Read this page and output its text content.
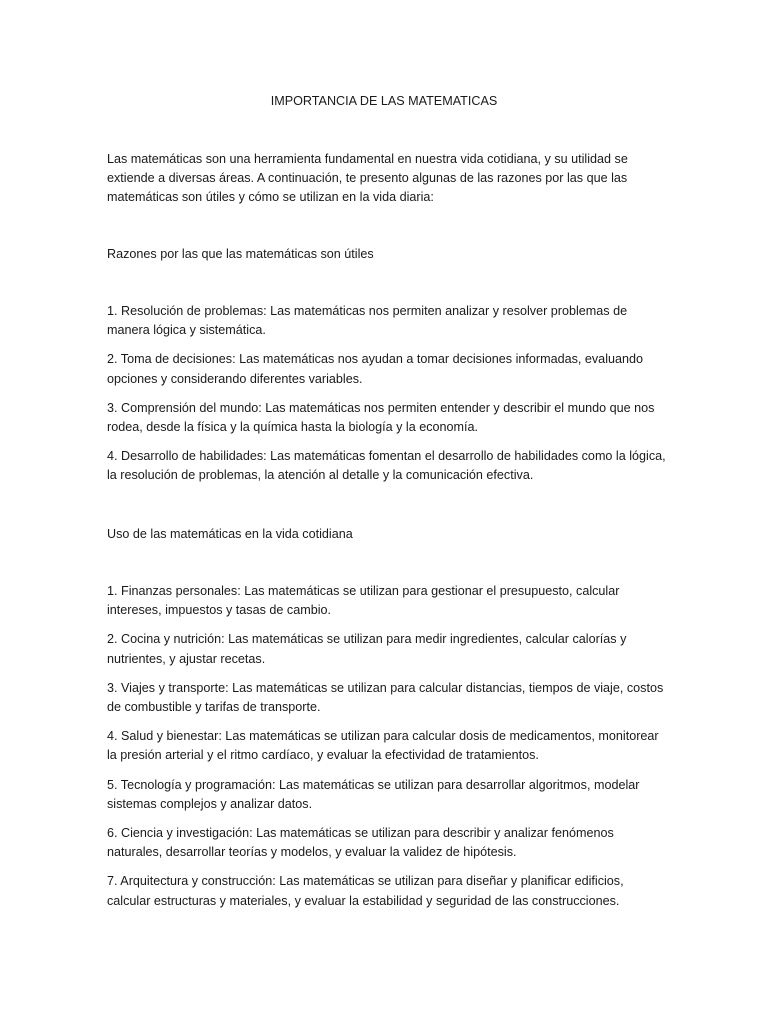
IMPORTANCIA DE LAS MATEMATICAS

Las matemáticas son una herramienta fundamental en nuestra vida cotidiana, y su utilidad se extiende a diversas áreas. A continuación, te presento algunas de las razones por las que las matemáticas son útiles y cómo se utilizan en la vida diaria:

Razones por las que las matemáticas son útiles

1. Resolución de problemas: Las matemáticas nos permiten analizar y resolver problemas de manera lógica y sistemática.
2. Toma de decisiones: Las matemáticas nos ayudan a tomar decisiones informadas, evaluando opciones y considerando diferentes variables.
3. Comprensión del mundo: Las matemáticas nos permiten entender y describir el mundo que nos rodea, desde la física y la química hasta la biología y la economía.
4. Desarrollo de habilidades: Las matemáticas fomentan el desarrollo de habilidades como la lógica, la resolución de problemas, la atención al detalle y la comunicación efectiva.

Uso de las matemáticas en la vida cotidiana

1. Finanzas personales: Las matemáticas se utilizan para gestionar el presupuesto, calcular intereses, impuestos y tasas de cambio.
2. Cocina y nutrición: Las matemáticas se utilizan para medir ingredientes, calcular calorías y nutrientes, y ajustar recetas.
3. Viajes y transporte: Las matemáticas se utilizan para calcular distancias, tiempos de viaje, costos de combustible y tarifas de transporte.
4. Salud y bienestar: Las matemáticas se utilizan para calcular dosis de medicamentos, monitorear la presión arterial y el ritmo cardíaco, y evaluar la efectividad de tratamientos.
5. Tecnología y programación: Las matemáticas se utilizan para desarrollar algoritmos, modelar sistemas complejos y analizar datos.
6. Ciencia y investigación: Las matemáticas se utilizan para describir y analizar fenómenos naturales, desarrollar teorías y modelos, y evaluar la validez de hipótesis.
7. Arquitectura y construcción: Las matemáticas se utilizan para diseñar y planificar edificios, calcular estructuras y materiales, y evaluar la estabilidad y seguridad de las construcciones.
